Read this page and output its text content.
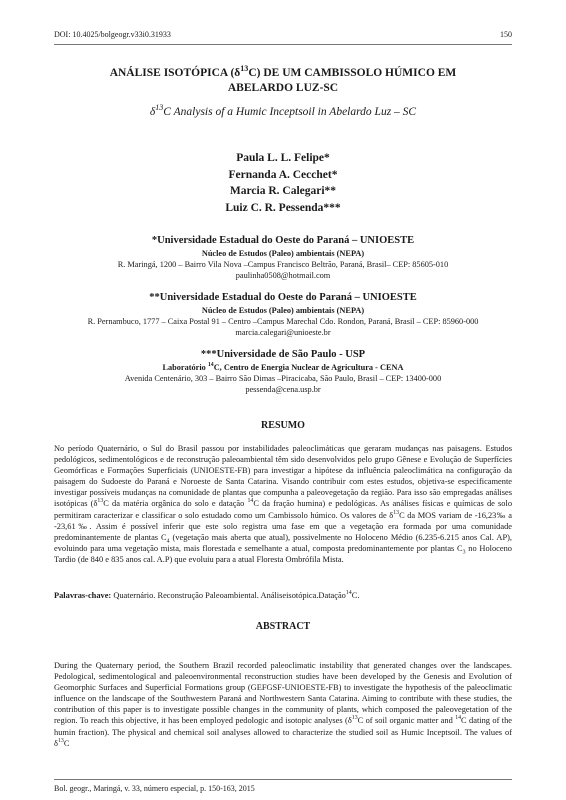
DOI: 10.4025/bolgeogr.v33i0.31933	150
ANÁLISE ISOTÓPICA $(\delta^{13}C)$ DE UM CAMBISSOLO HÚMICO EM
ABELARDO LUZ-SC
$\delta^{13}C$ Analysis of a Humic Inceptsoil in Abelardo Luz – SC
Paula L. L. Felipe*
Fernanda A. Cecchet*
Marcia R. Calegari**
Luiz C. R. Pessenda***
*Universidade Estadual do Oeste do Paraná – UNIOESTE
Núcleo de Estudos (Paleo) ambientais (NEPA)
R. Maringá, 1200 – Bairro Vila Nova –Campus Francisco Beltrão, Paraná, Brasil– CEP: 85605-010
paulinha0508@hotmail.com
**Universidade Estadual do Oeste do Paraná – UNIOESTE
Núcleo de Estudos (Paleo) ambientais (NEPA)
R. Pernambuco, 1777 – Caixa Postal 91 – Centro –Campus Marechal Cdo. Rondon, Paraná, Brasil – CEP: 85960-000
marcia.calegari@unioeste.br
***Universidade de São Paulo - USP
Laboratório $^{14}$C, Centro de Energia Nuclear de Agricultura - CENA
Avenida Centenário, 303 – Bairro São Dimas –Piracicaba, São Paulo, Brasil – CEP: 13400-000
pessenda@cena.usp.br
RESUMO
No período Quaternário, o Sul do Brasil passou por instabilidades paleoclimáticas que geraram mudanças nas paisagens. Estudos pedológicos, sedimentológicos e de reconstrução paleoambiental têm sido desenvolvidos pelo grupo Gênese e Evolução de Superfícies Geomórficas e Formações Superficiais (UNIOESTE-FB) para investigar a hipótese da influência paleoclimática na configuração da paisagem do Sudoeste do Paraná e Noroeste de Santa Catarina. Visando contribuir com estes estudos, objetiva-se especificamente investigar possíveis mudanças na comunidade de plantas que compunha a paleovegetação da região. Para isso são empregadas análises isotópicas ($\delta^{13}C$ da matéria orgânica do solo e datação $^{14}$C da fração humina) e pedológicas. As análises físicas e químicas de solo permitiram caracterizar e classificar o solo estudado como um Cambissolo húmico. Os valores de $\delta^{13}C$ da MOS variam de -16,23‰ a -23,61‰. Assim é possível inferir que este solo registra uma fase em que a vegetação era formada por uma comunidade predominantemente de plantas $C_4$ (vegetação mais aberta que atual), possivelmente no Holoceno Médio (6.235-6.215 anos Cal. AP), evoluindo para uma vegetação mista, mais florestada e semelhante a atual, composta predominantemente por plantas $C_3$ no Holoceno Tardio (de 840 e 835 anos cal. A.P) que evoluiu para a atual Floresta Ombrófila Mista.
Palavras-chave: Quaternário. Reconstrução Paleoambiental. Análiseisotópica.Datação$^{14}$C.
ABSTRACT
During the Quaternary period, the Southern Brazil recorded paleoclimatic instability that generated changes over the landscapes. Pedological, sedimentological and paleoenvironmental reconstruction studies have been developed by the Genesis and Evolution of Geomorphic Surfaces and Superficial Formations group (GEFGSF-UNIOESTE-FB) to investigate the hypothesis of the paleoclimatic influence on the landscape of the Southwestern Paraná and Northwestern Santa Catarina. Aiming to contribute with these studies, the contribution of this paper is to investigate possible changes in the community of plants, which composed the paleovegetation of the region. To reach this objective, it has been employed pedologic and isotopic analyses ($\delta^{13}C$ of soil organic matter and $^{14}$C dating of the humin fraction). The physical and chemical soil analyses allowed to characterize the studied soil as Humic Inceptsoil. The values of $\delta^{13}C$
Bol. geogr., Maringá, v. 33, número especial, p. 150-163, 2015
